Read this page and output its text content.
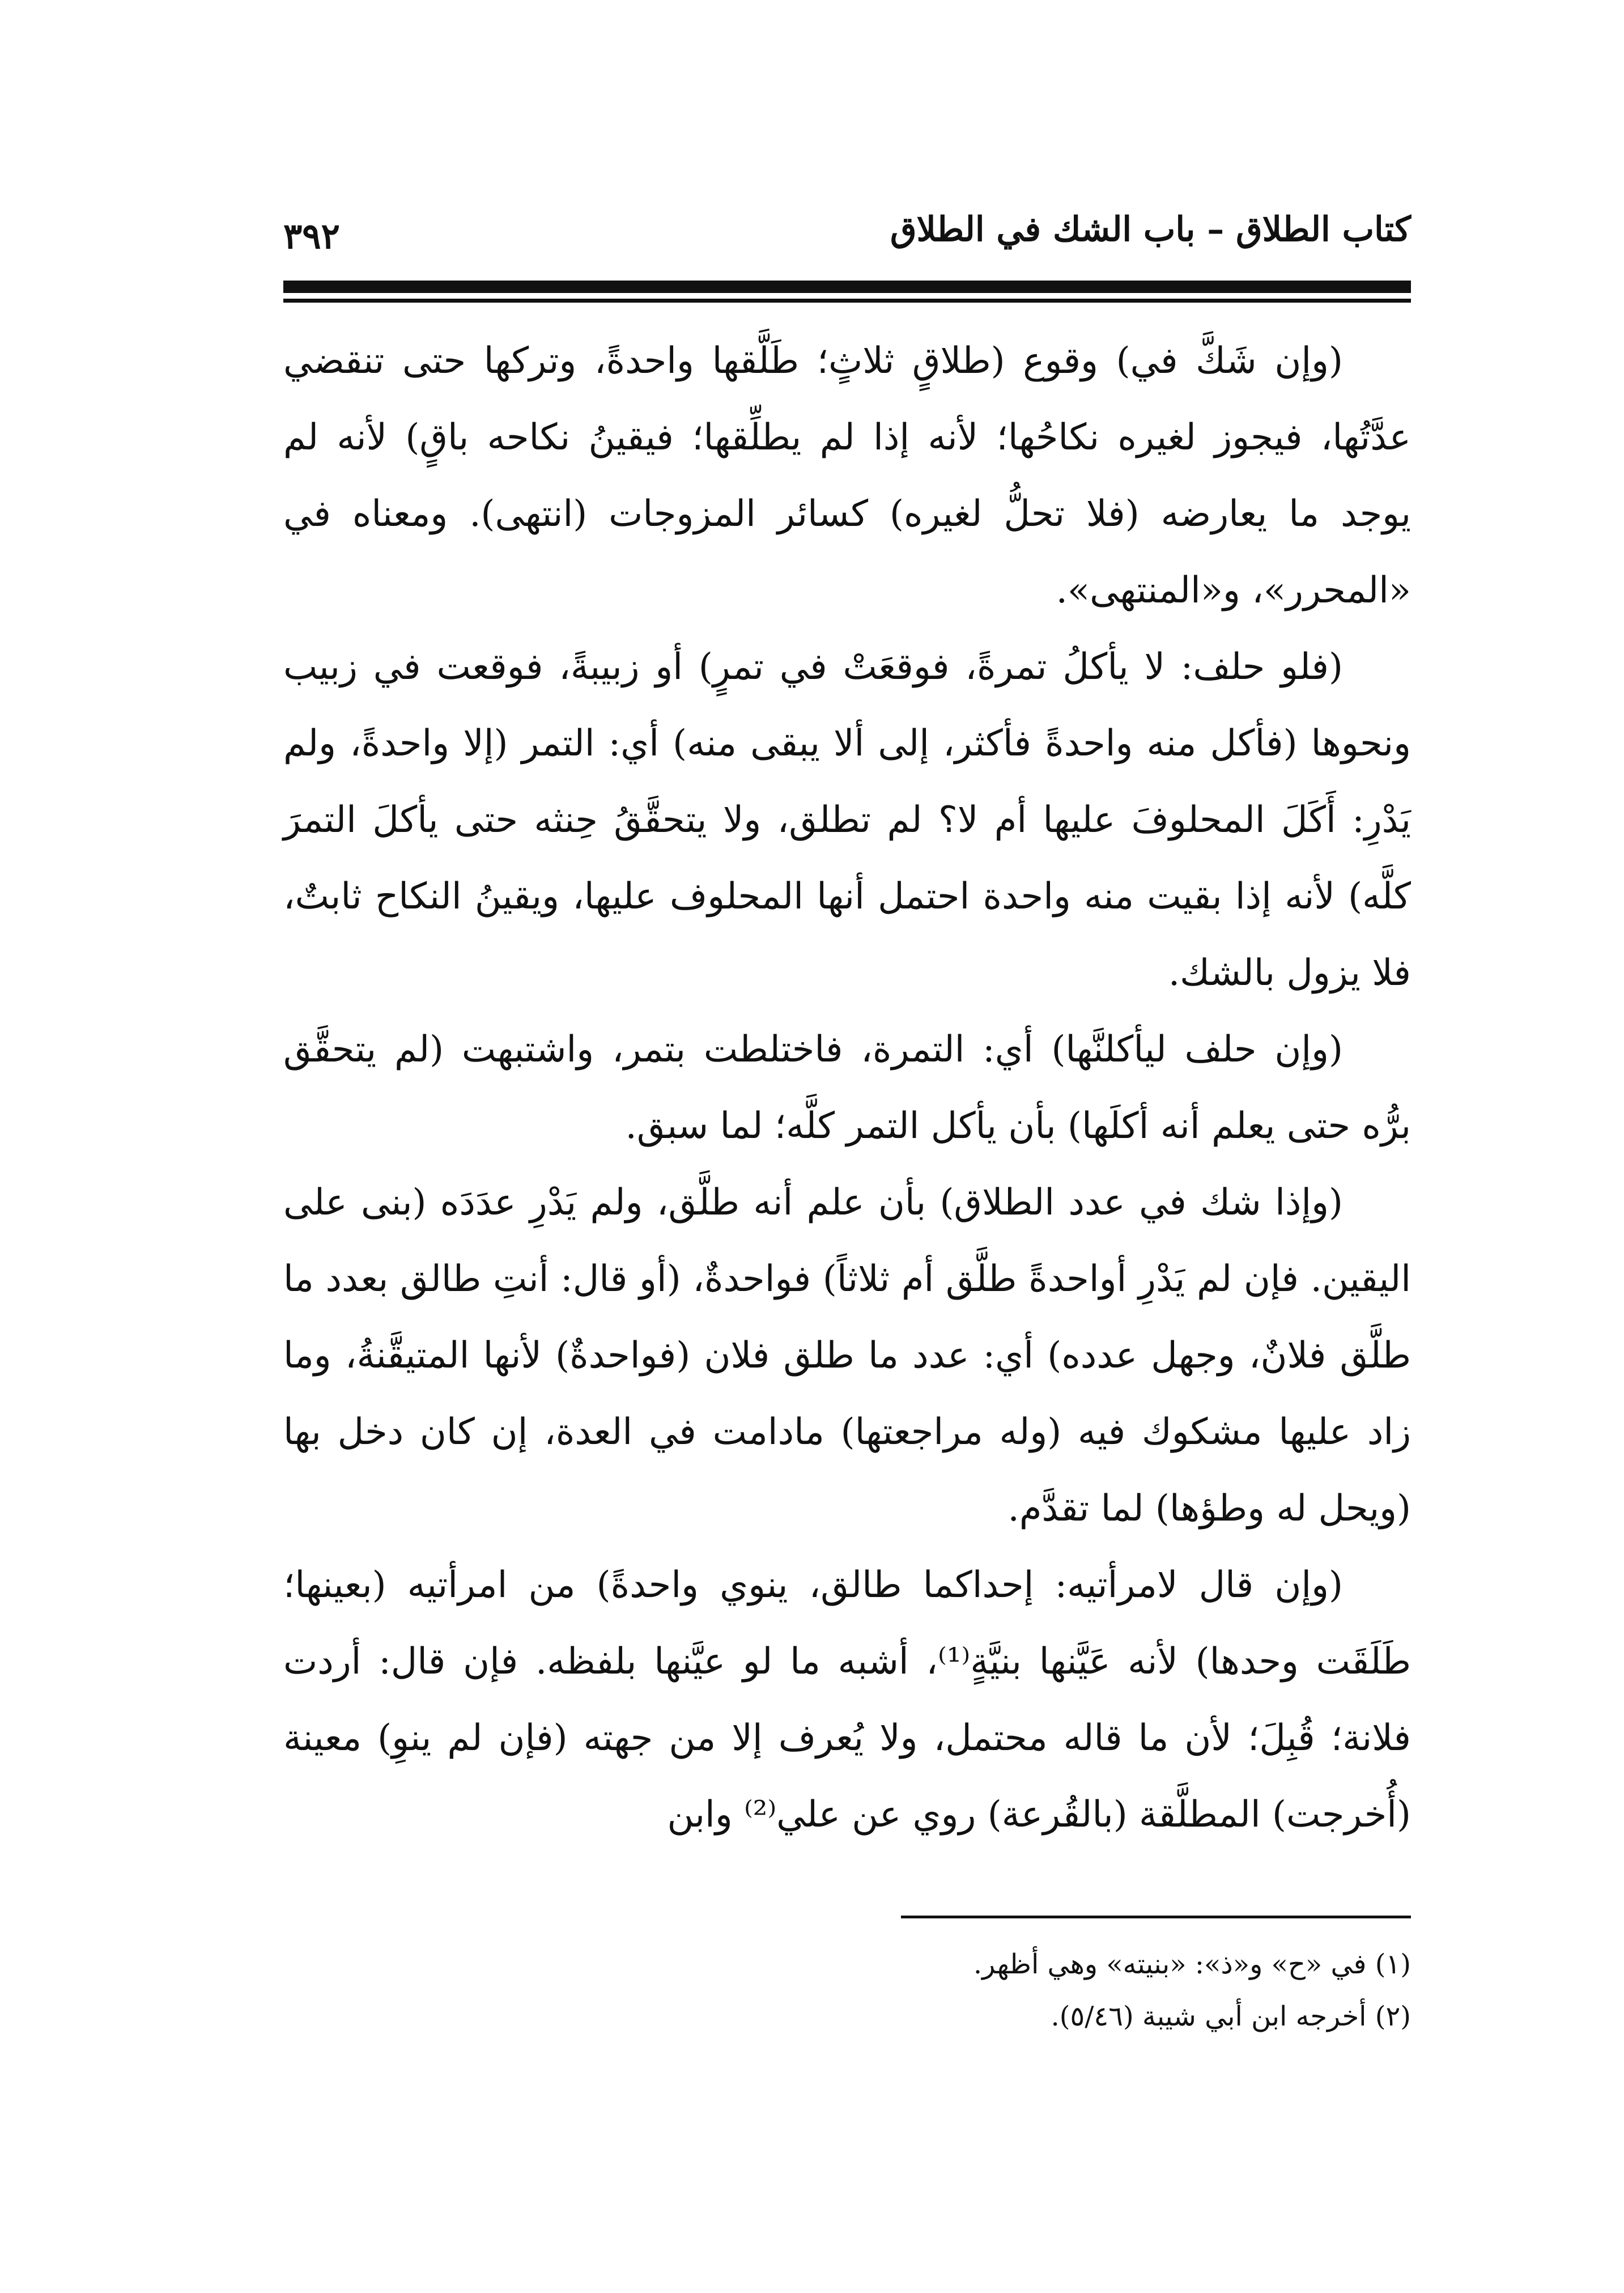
٣٩٢	كتاب الطلاق – باب الشك في الطلاق

(وإن شَكَّ في) وقوع (طلاقٍ ثلاثٍ؛ طَلَّقها واحدةً، وتركها حتى تنقضي عدَّتُها، فيجوز لغيره نكاحُها؛ لأنه إذا لم يطلِّقها؛ فيقينُ نكاحه باقٍ) لأنه لم يوجد ما يعارضه (فلا تحلُّ لغيره) كسائر المزوجات (انتهى). ومعناه في «المحرر»، و«المنتهى».

(فلو حلف: لا يأكلُ تمرةً، فوقعَتْ في تمرٍ) أو زبيبةً، فوقعت في زبيب ونحوها (فأكل منه واحدةً فأكثر، إلى ألا يبقى منه) أي: التمر (إلا واحدةً، ولم يَدْرِ: أَكَلَ المحلوفَ عليها أم لا؟ لم تطلق، ولا يتحقَّقُ حِنثه حتى يأكلَ التمرَ كلَّه) لأنه إذا بقيت منه واحدة احتمل أنها المحلوف عليها، ويقينُ النكاح ثابتٌ، فلا يزول بالشك.

(وإن حلف ليأكلنَّها) أي: التمرة، فاختلطت بتمر، واشتبهت (لم يتحقَّق برُّه حتى يعلم أنه أكلَها) بأن يأكل التمر كلَّه؛ لما سبق.

(وإذا شك في عدد الطلاق) بأن علم أنه طلَّق، ولم يَدْرِ عدَدَه (بنى على اليقين. فإن لم يَدْرِ أواحدةً طلَّق أم ثلاثاً) فواحدةٌ، (أو قال: أنتِ طالق بعدد ما طلَّق فلانٌ، وجهل عدده) أي: عدد ما طلق فلان (فواحدةٌ) لأنها المتيقَّنةُ، وما زاد عليها مشكوك فيه (وله مراجعتها) مادامت في العدة، إن كان دخل بها (ويحل له وطؤها) لما تقدَّم.

(وإن قال لامرأتيه: إحداكما طالق، ينوي واحدةً) من امرأتيه (بعينها؛ طَلَقَت وحدها) لأنه عَيَّنها بنيَّةٍ⁽¹⁾، أشبه ما لو عيَّنها بلفظه. فإن قال: أردت فلانة؛ قُبِلَ؛ لأن ما قاله محتمل، ولا يُعرف إلا من جهته (فإن لم ينوِ) معينة (أُخرجت) المطلَّقة (بالقُرعة) روي عن علي⁽²⁾ وابن

(١) في «ح» و«ذ»: «بنيته» وهي أظهر.
(٢) أخرجه ابن أبي شيبة (٥/٤٦).
